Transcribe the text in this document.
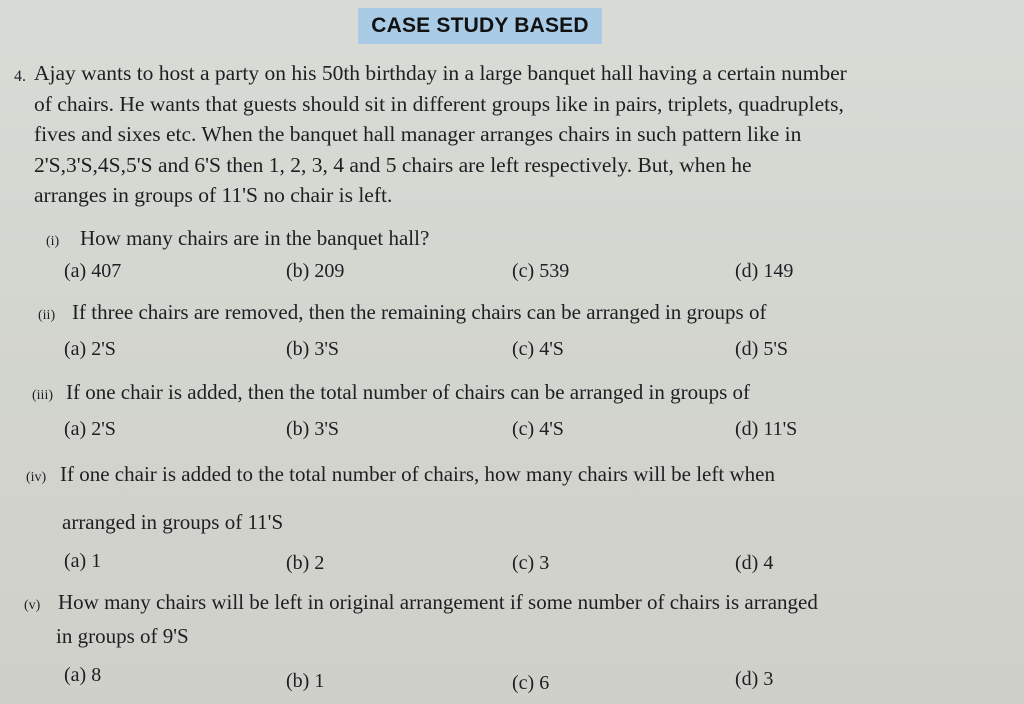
CASE STUDY BASED
4. Ajay wants to host a party on his 50th birthday in a large banquet hall having a certain number
of chairs. He wants that guests should sit in different groups like in pairs, triplets, quadruplets,
fives and sixes etc. When the banquet hall manager arranges chairs in such pattern like in
2'S,3'S,4S,5'S and 6'S then 1, 2, 3, 4 and 5 chairs are left respectively. But, when he
arranges in groups of 11'S no chair is left.
(i) How many chairs are in the banquet hall?
(a) 407	(b) 209	(c) 539	(d) 149
(ii) If three chairs are removed, then the remaining chairs can be arranged in groups of
(a) 2'S	(b) 3'S	(c) 4'S	(d) 5'S
(iii) If one chair is added, then the total number of chairs can be arranged in groups of
(a) 2'S	(b) 3'S	(c) 4'S	(d) 11'S
(iv) If one chair is added to the total number of chairs, how many chairs will be left when
arranged in groups of 11'S
(a) 1	(b) 2	(c) 3	(d) 4
(v) How many chairs will be left in original arrangement if some number of chairs is arranged
in groups of 9'S
(a) 8	(b) 1	(c) 6	(d) 3
